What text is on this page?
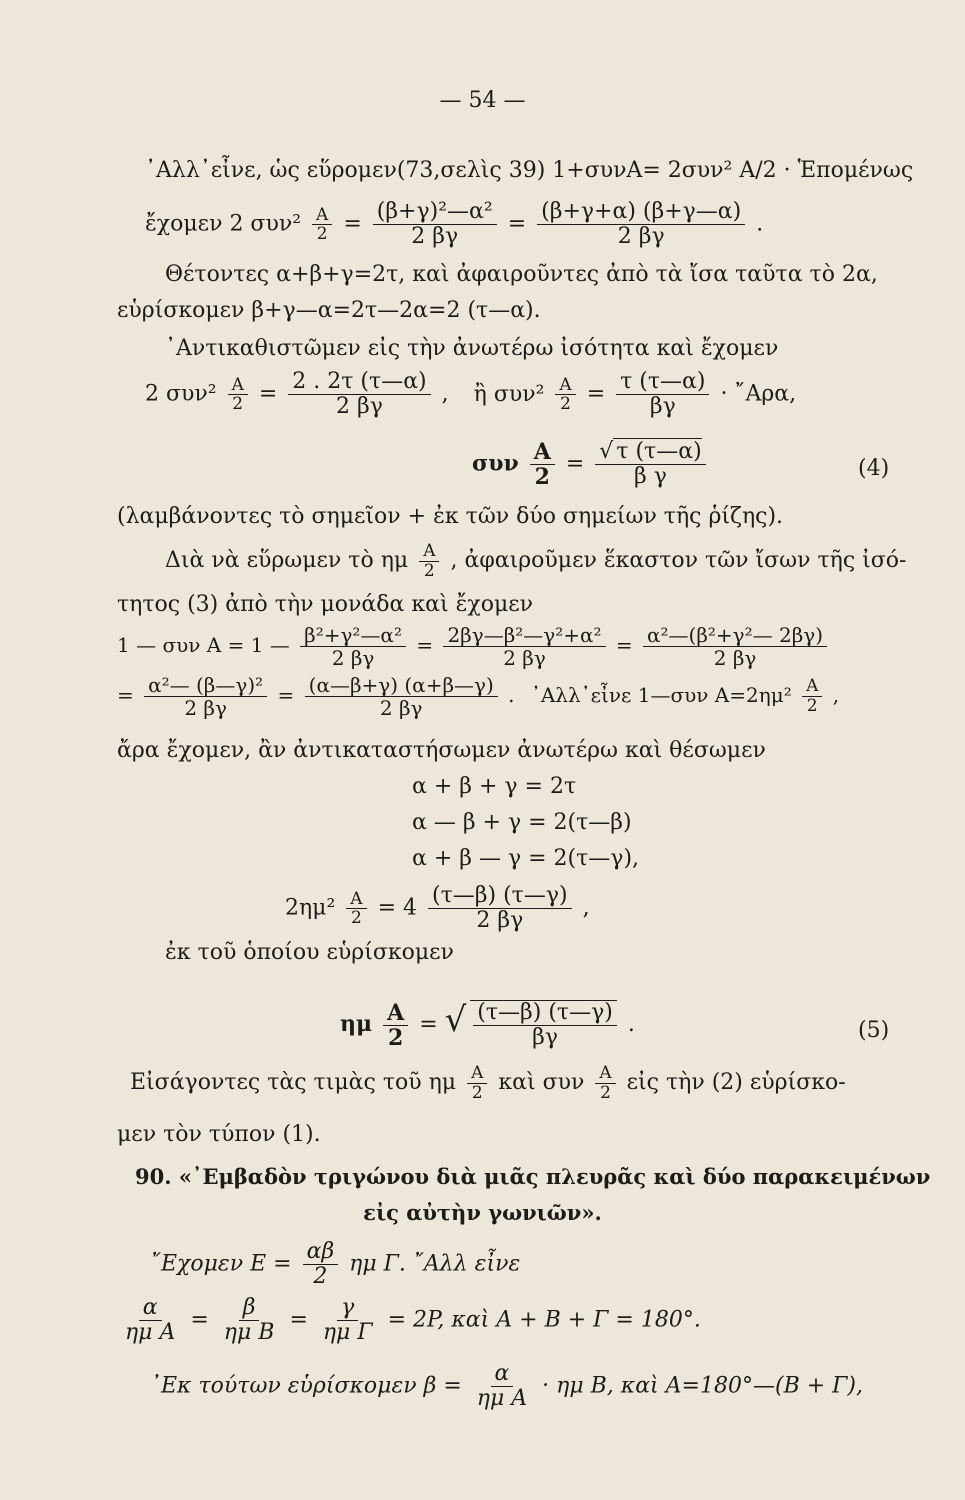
— 54 —
᾿Αλλ᾿εἶνε, ὡς εὕρομεν(73,σελὶς 39) 1+συνΑ= 2συν² Α/2 · Ἑπομένως
ἔχομεν 2 $\sigma\upsilon\nu^2 \frac{A}{2} = \frac{\text{(β+γ)²—α²}}{2 \beta\gamma} = \frac{(\beta+\gamma+\alpha) (\beta+\gamma—\alpha)}{2 \beta\gamma}$ .
Θέτοντες α+β+γ=2τ, καὶ ἀφαιροῦντες ἀπὸ τὰ ἴσα ταῦτα τὸ 2α,
εὑρίσκομεν β+γ—α=2τ—2α=2 (τ—α).
᾿Αντικαθιστῶμεν εἰς τὴν ἀνωτέρω ἰσότητα καὶ ἔχομεν
2 $\sigma\upsilon\nu^2 \frac{A}{2} = \frac{2 . 2\tau (\tau—\alpha)}{2 \beta\gamma}$ , ἢ $\sigma\upsilon\nu^2 \frac{A}{2} = \frac{\tau (\tau—\alpha)}{\beta\gamma}$ · ῎Αρα,
συν $\frac{A}{2} = \frac{√ \tau (\tau—\alpha)}{\text{β γ}}$	(4)
(λαμβάνοντες τὸ σημεῖον + ἐκ τῶν δύο σημείων τῆς ῥίζης).
Διὰ νὰ εὕρωμεν τὸ ημ $\frac{A}{2}$ , ἀφαιροῦμεν ἕκαστον τῶν ἴσων τῆς ἰσό-
τητος (3) ἀπὸ τὴν μονάδα καὶ ἔχομεν
1 — συν Α = 1 — $\frac{\text{β²+γ²—α²}}{2 \beta\gamma} = \frac{\text{2βγ—β²—γ²+α²}}{2 \beta\gamma} = \frac{\text{α²—(β²+γ²— 2βγ)}}{2 \beta\gamma}$
= $\frac{\text{α²— (β—γ)²}}{2 \beta\gamma} = \frac{(\alpha—\beta+\gamma) (\alpha+\beta—\gamma)}{2 \beta\gamma}$ . ᾿Αλλ᾿εἶνε 1—συν $A=2\eta\mu^2 \frac{A}{2}$ ,
ἄρα ἔχομεν, ἂν ἀντικαταστήσωμεν ἀνωτέρω καὶ θέσωμεν
α + β + γ = 2τ
α — β + γ = 2(τ—β)
α + β — γ = 2(τ—γ),
$2\eta\mu^2 \frac{A}{2} = 4 \frac{(\tau—\beta) (\tau—\gamma)}{2 \beta\gamma}$ ,
ἐκ τοῦ ὁποίου εὑρίσκομεν
ημ $\frac{A}{2}$ = √ $\frac{(\tau—\beta) (\tau—\gamma)}{\beta\gamma}$ .	(5)
Εἰσάγοντες τὰς τιμὰς τοῦ ημ $\frac{A}{2}$ καὶ συν $\frac{A}{2}$ εἰς τὴν (2) εὑρίσκο-
μεν τὸν τύπον (1).
90. «᾿Εμβαδὸν τριγώνου διὰ μιᾶς πλευρᾶς καὶ δύο παρακειμένων
εἰς αὐτὴν γωνιῶν».
῎Εχομεν $E = \frac{\alpha\beta}{2}$ ημ Γ. ῎Αλλ εἶνε
$\frac{\alpha}{\text{ημ Α}} = \frac{\beta}{\text{ημ Β}} = \frac{\gamma}{\text{ημ Γ}} = 2P$, καὶ Α + Β + Γ = 180°.
᾿Εκ τούτων εὑρίσκομεν $\beta = \frac{\alpha}{\text{ημ Α}} \cdot \eta\mu$ Β, καὶ Α=180°—(Β + Γ),
